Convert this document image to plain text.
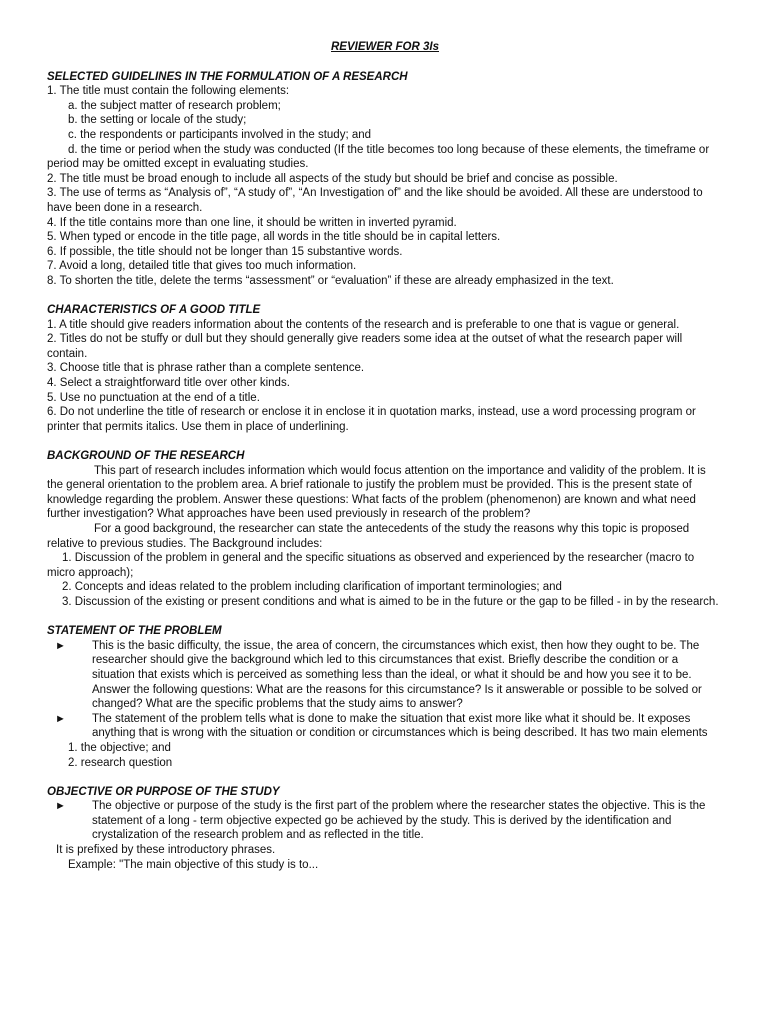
REVIEWER FOR 3Is

SELECTED GUIDELINES IN THE FORMULATION OF A RESEARCH

1. The title must contain the following elements:

a. the subject matter of research problem;

b. the setting or locale of the study;

c. the respondents or participants involved in the study; and

d. the time or period when the study was conducted (If the title becomes too long because of these elements, the timeframe or period may be omitted except in evaluating studies.

2. The title must be broad enough to include all aspects of the study but should be brief and concise as possible.

3. The use of terms as “Analysis of”, “A study of”, “An Investigation of” and the like should be avoided. All these are understood to have been done in a research.

4. If the title contains more than one line, it should be written in inverted pyramid.

5. When typed or encode in the title page, all words in the title should be in capital letters.

6. If possible, the title should not be longer than 15 substantive words.

7. Avoid a long, detailed title that gives too much information.

8. To shorten the title, delete the terms “assessment” or “evaluation” if these are already emphasized in the text.

CHARACTERISTICS OF A GOOD TITLE

1. A title should give readers information about the contents of the research and is preferable to one that is vague or general.

2. Titles do not be stuffy or dull but they should generally give readers some idea at the outset of what the research paper will contain.

3. Choose title that is phrase rather than a complete sentence.

4. Select a straightforward title over other kinds.

5. Use no punctuation at the end of a title.

6. Do not underline the title of research or enclose it in enclose it in quotation marks, instead, use a word processing program or printer that permits italics. Use them in place of underlining.

BACKGROUND OF THE RESEARCH

This part of research includes information which would focus attention on the importance and validity of the problem. It is the general orientation to the problem area. A brief rationale to justify the problem must be provided. This is the present state of knowledge regarding the problem. Answer these questions: What facts of the problem (phenomenon) are known and what need further investigation? What approaches have been used previously in research of the problem?

For a good background, the researcher can state the antecedents of the study the reasons why this topic is proposed relative to previous studies. The Background includes:

1. Discussion of the problem in general and the specific situations as observed and experienced by the researcher (macro to micro approach);

2. Concepts and ideas related to the problem including clarification of important terminologies; and

3. Discussion of the existing or present conditions and what is aimed to be in the future or the gap to be filled - in by the research.

STATEMENT OF THE PROBLEM

►	This is the basic difficulty, the issue, the area of concern, the circumstances which exist, then how they ought to be. The researcher should give the background which led to this circumstances that exist. Briefly describe the condition or a situation that exists which is perceived as something less than the ideal, or what it should be and how you see it to be. Answer the following questions: What are the reasons for this circumstance? Is it answerable or possible to be solved or changed? What are the specific problems that the study aims to answer?
►	The statement of the problem tells what is done to make the situation that exist more like what it should be. It exposes anything that is wrong with the situation or condition or circumstances which is being described. It has two main elements

1. the objective; and

2. research question

OBJECTIVE OR PURPOSE OF THE STUDY

►	The objective or purpose of the study is the first part of the problem where the researcher states the objective. This is the statement of a long - term objective expected go be achieved by the study. This is derived by the identification and crystalization of the research problem and as reflected in the title.

It is prefixed by these introductory phrases.

Example: "The main objective of this study is to...
